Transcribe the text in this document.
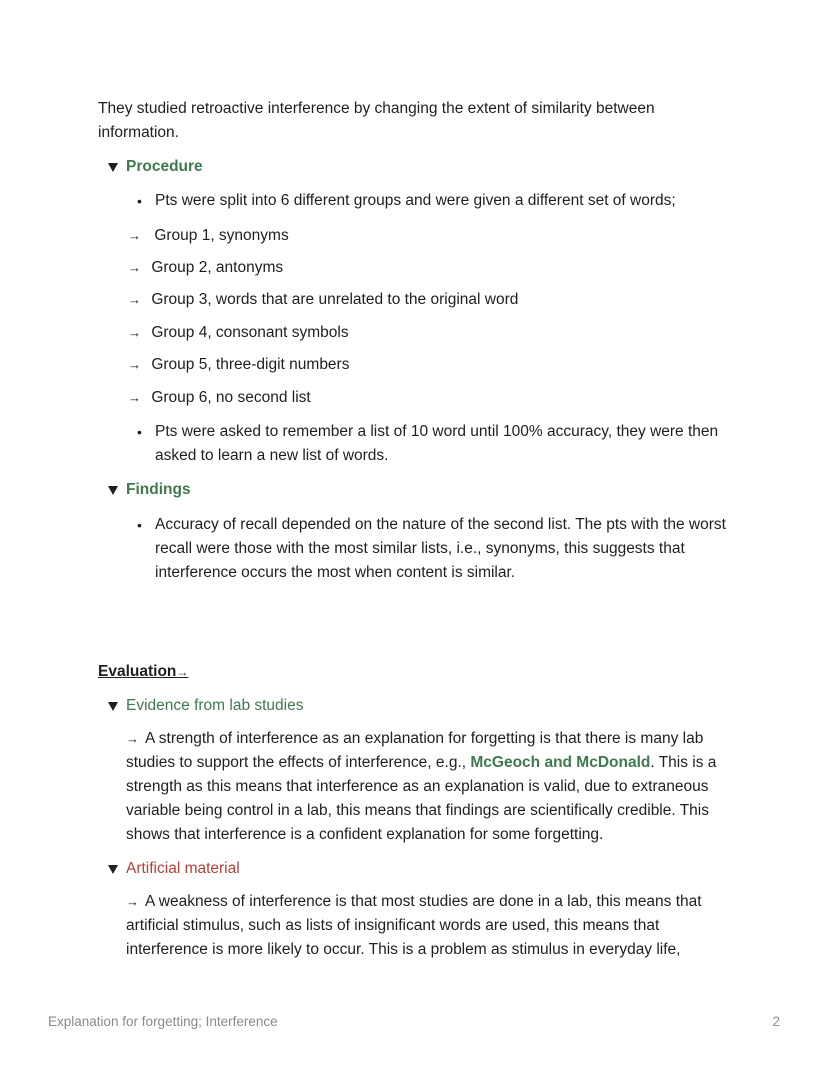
They studied retroactive interference by changing the extent of similarity between information.
Procedure
• Pts were split into 6 different groups and were given a different set of words;
→ Group 1, synonyms
→ Group 2, antonyms
→ Group 3, words that are unrelated to the original word
→ Group 4, consonant symbols
→ Group 5, three-digit numbers
→ Group 6, no second list
• Pts were asked to remember a list of 10 word until 100% accuracy, they were then asked to learn a new list of words.
Findings
• Accuracy of recall depended on the nature of the second list. The pts with the worst recall were those with the most similar lists, i.e., synonyms, this suggests that interference occurs the most when content is similar.
Evaluation→
Evidence from lab studies
→ A strength of interference as an explanation for forgetting is that there is many lab studies to support the effects of interference, e.g., McGeoch and McDonald. This is a strength as this means that interference as an explanation is valid, due to extraneous variable being control in a lab, this means that findings are scientifically credible. This shows that interference is a confident explanation for some forgetting.
Artificial material
→ A weakness of interference is that most studies are done in a lab, this means that artificial stimulus, such as lists of insignificant words are used, this means that interference is more likely to occur. This is a problem as stimulus in everyday life,
Explanation for forgetting; Interference	2
